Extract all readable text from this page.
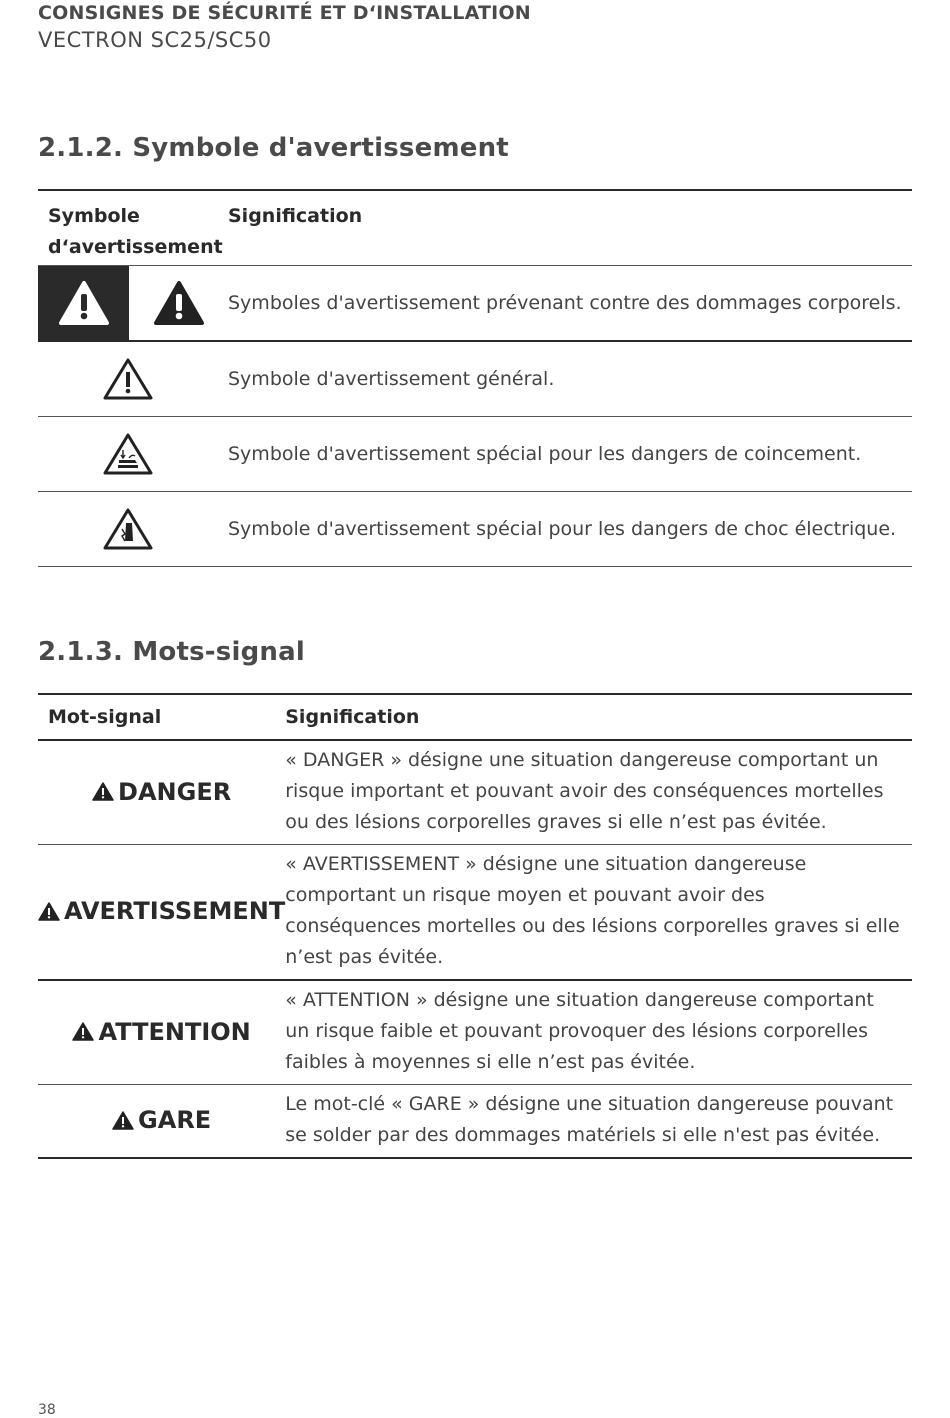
CONSIGNES DE SÉCURITÉ ET D‘INSTALLATION
VECTRON SC25/SC50
2.1.2. Symbole d'avertissement
Symbole
d‘avertissement	Signification

	Symboles d'avertissement prévenant contre des dommages corporels.

	Symbole d'avertissement général.

	Symbole d'avertissement spécial pour les dangers de coincement.

	Symbole d'avertissement spécial pour les dangers de choc électrique.
2.1.3. Mots-signal
Mot-signal	Signification

DANGER	« DANGER » désigne une situation dangereuse comportant un risque important et pouvant avoir des conséquences mortelles ou des lésions corporelles graves si elle n’est pas évitée.

AVERTISSEMENT	« AVERTISSEMENT » désigne une situation dangereuse comportant un risque moyen et pouvant avoir des conséquences mortelles ou des lésions corporelles graves si elle n’est pas évitée.

ATTENTION	« ATTENTION » désigne une situation dangereuse comportant un risque faible et pouvant provoquer des lésions corporelles faibles à moyennes si elle n’est pas évitée.

GARE	Le mot-clé « GARE » désigne une situation dangereuse pouvant se solder par des dommages matériels si elle n'est pas évitée.
38
